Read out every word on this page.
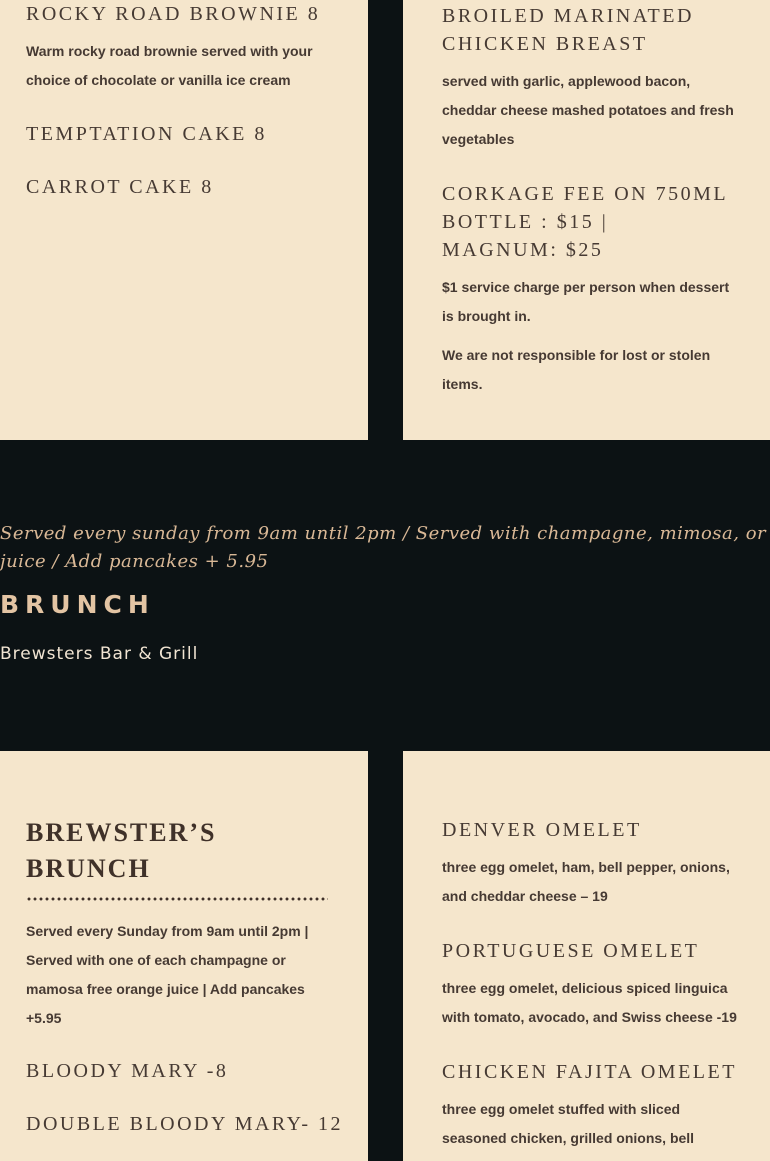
ROCKY ROAD BROWNIE 8

Warm rocky road brownie served with your choice of chocolate or vanilla ice cream

TEMPTATION CAKE 8
CARROT CAKE 8
BROILED MARINATED CHICKEN BREAST

served with garlic, applewood bacon, cheddar cheese mashed potatoes and fresh vegetables

CORKAGE FEE ON 750ML BOTTLE : $15 | MAGNUM: $25

$1 service charge per person when dessert is brought in.

We are not responsible for lost or stolen items.

Served every sunday from 9am until 2pm / Served with champagne, mimosa, or juice / Add pancakes + 5.95

BRUNCH

Brewsters Bar & Grill

BREWSTER’S BRUNCH

Served every Sunday from 9am until 2pm | Served with one of each champagne or mamosa free orange juice | Add pancakes +5.95

BLOODY MARY -8
DOUBLE BLOODY MARY- 12
DENVER OMELET

three egg omelet, ham, bell pepper, onions, and cheddar cheese – 19

PORTUGUESE OMELET

three egg omelet, delicious spiced linguica with tomato, avocado, and Swiss cheese -19

CHICKEN FAJITA OMELET

three egg omelet stuffed with sliced seasoned chicken, grilled onions, bell
